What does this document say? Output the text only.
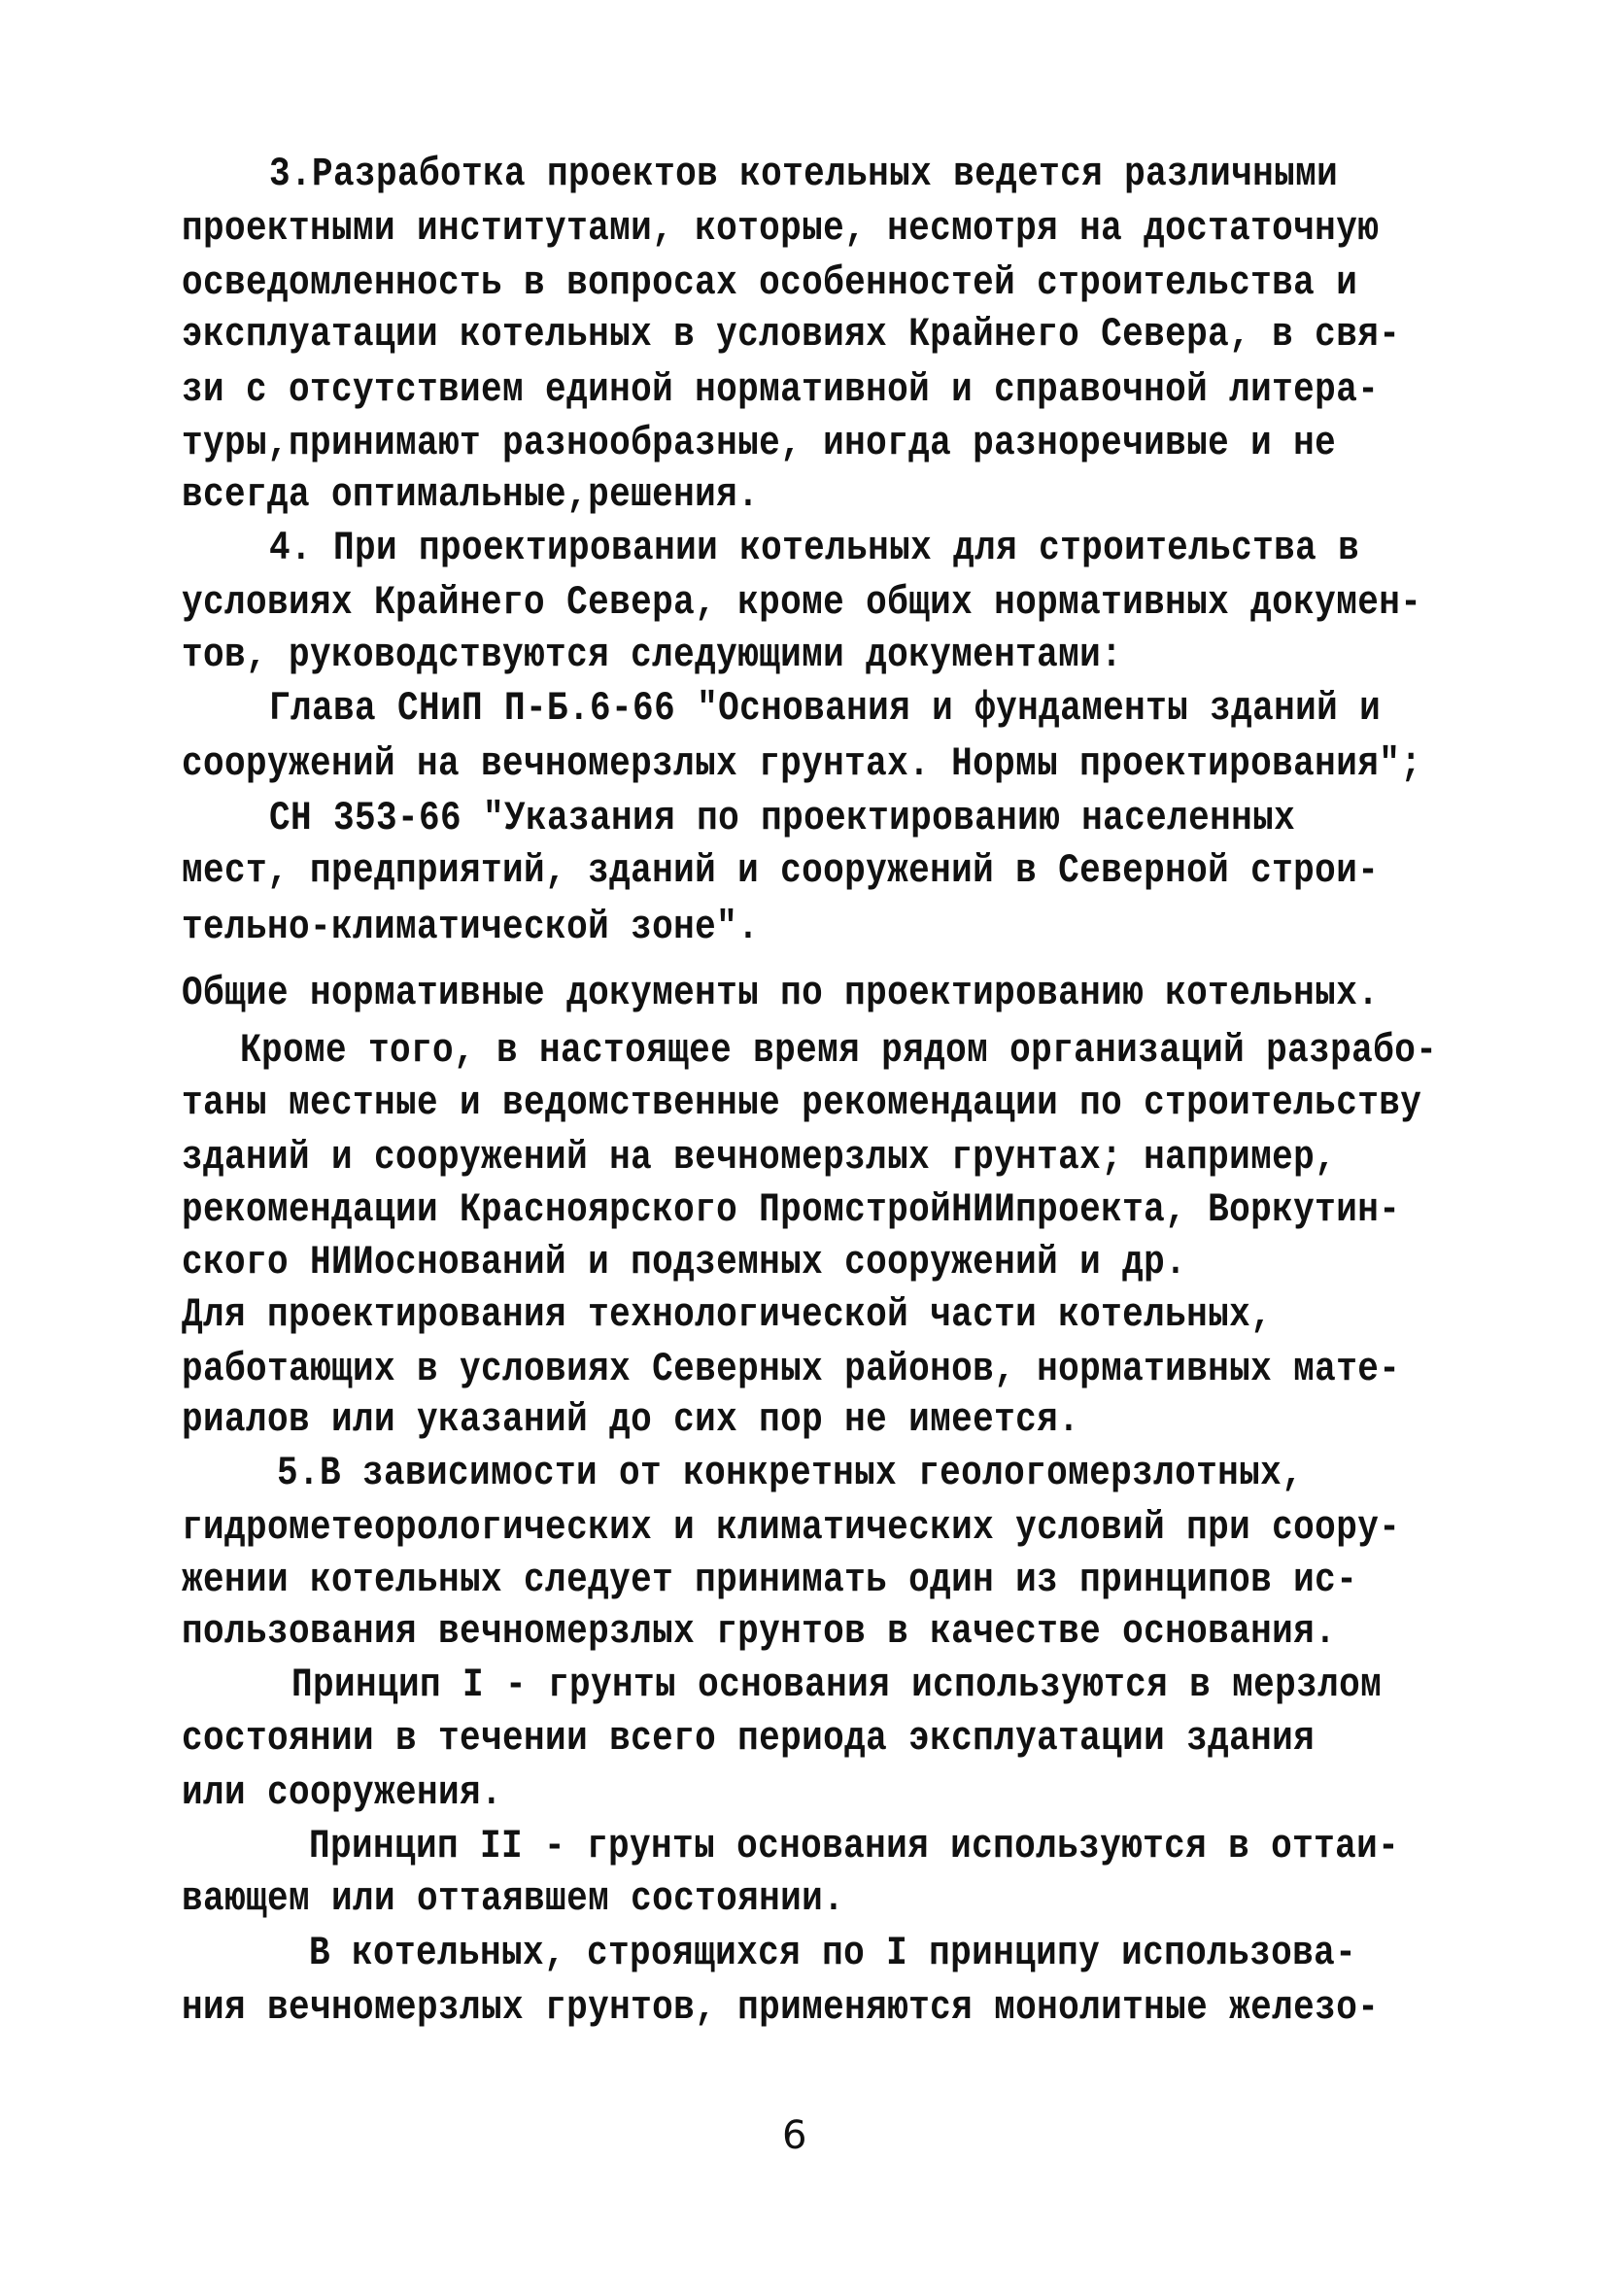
3.Разработка проектов котельных ведется различными
проектными институтами, которые, несмотря на достаточную
осведомленность в вопросах особенностей строительства и
эксплуатации котельных в условиях Крайнего Севера, в свя-
зи с отсутствием единой нормативной и справочной литера-
туры,принимают разнообразные, иногда разноречивые и не
всегда оптимальные,решения.
4. При проектировании котельных для строительства в
условиях Крайнего Севера, кроме общих нормативных докумен-
тов, руководствуются следующими документами:
Глава СНиП П-Б.6-66 "Основания и фундаменты зданий и
сооружений на вечномерзлых грунтах. Нормы проектирования";
СН 353-66 "Указания по проектированию населенных
мест, предприятий, зданий и сооружений в Северной строи-
тельно-климатической зоне".
Общие нормативные документы по проектированию котельных.
Кроме того, в настоящее время рядом организаций разрабо-
таны местные и ведомственные рекомендации по строительству
зданий и сооружений на вечномерзлых грунтах; например,
рекомендации Красноярского ПромстройНИИпроекта, Воркутин-
ского НИИоснований и подземных сооружений и др.
Для проектирования технологической части котельных,
работающих в условиях Северных районов, нормативных мате-
риалов или указаний до сих пор не имеется.
5.В зависимости от конкретных геологомерзлотных,
гидрометеорологических и климатических условий при соору-
жении котельных следует принимать один из принципов ис-
пользования вечномерзлых грунтов в качестве основания.
Принцип I - грунты основания используются в мерзлом
состоянии в течении всего периода эксплуатации здания
или сооружения.
Принцип II - грунты основания используются в оттаи-
вающем или оттаявшем состоянии.
В котельных, строящихся по I принципу использова-
ния вечномерзлых грунтов, применяются монолитные железо-
6
